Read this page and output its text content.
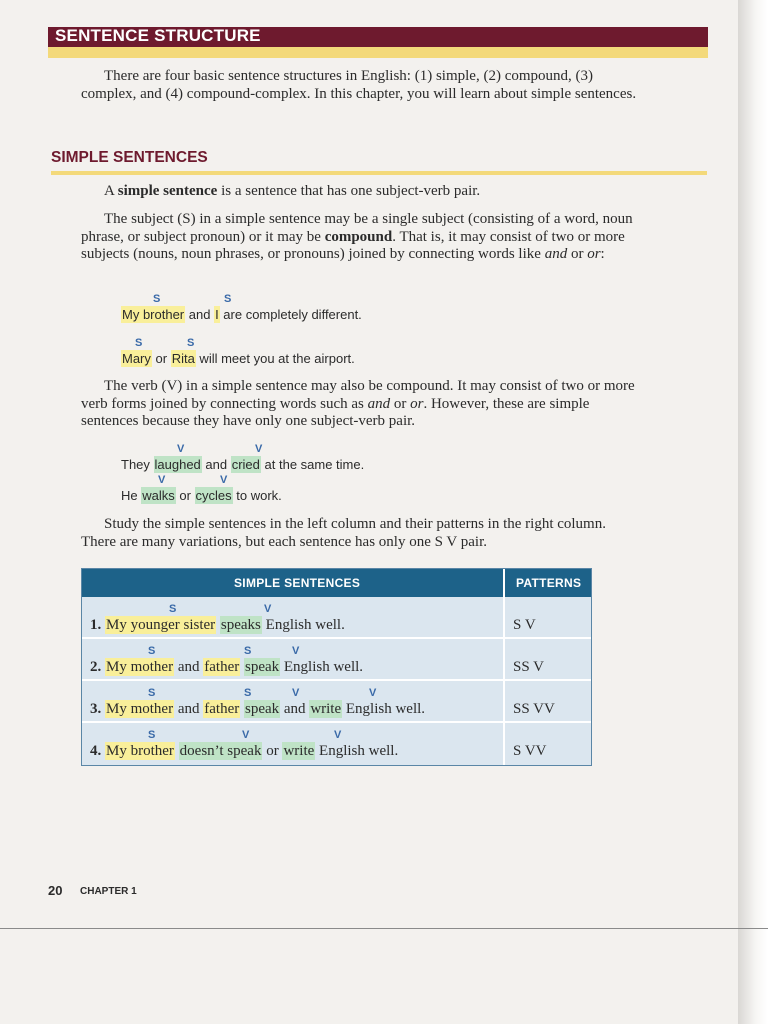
SENTENCE STRUCTURE

There are four basic sentence structures in English: (1) simple, (2) compound, (3) complex, and (4) compound-complex. In this chapter, you will learn about simple sentences.

SIMPLE SENTENCES

A simple sentence is a sentence that has one subject-verb pair.

The subject (S) in a simple sentence may be a single subject (consisting of a word, noun phrase, or subject pronoun) or it may be compound. That is, it may consist of two or more subjects (nouns, noun phrases, or pronouns) joined by connecting words like and or or:

S	S
My brother and I are completely different.
S	S
Mary or Rita will meet you at the airport.

The verb (V) in a simple sentence may also be compound. It may consist of two or more verb forms joined by connecting words such as and or or. However, these are simple sentences because they have only one subject-verb pair.

V	V
They laughed and cried at the same time.
V	V
He walks or cycles to work.

Study the simple sentences in the left column and their patterns in the right column. There are many variations, but each sentence has only one S V pair.

SIMPLE SENTENCES	PATTERNS
S	V
1. My younger sister speaks English well.	S V
S	S	V
2. My mother and father speak English well.	SS V
S	S	V	V
3. My mother and father speak and write English well.	SS VV
S	V	V
4. My brother doesn’t speak or write English well.	S VV
20 CHAPTER 1
